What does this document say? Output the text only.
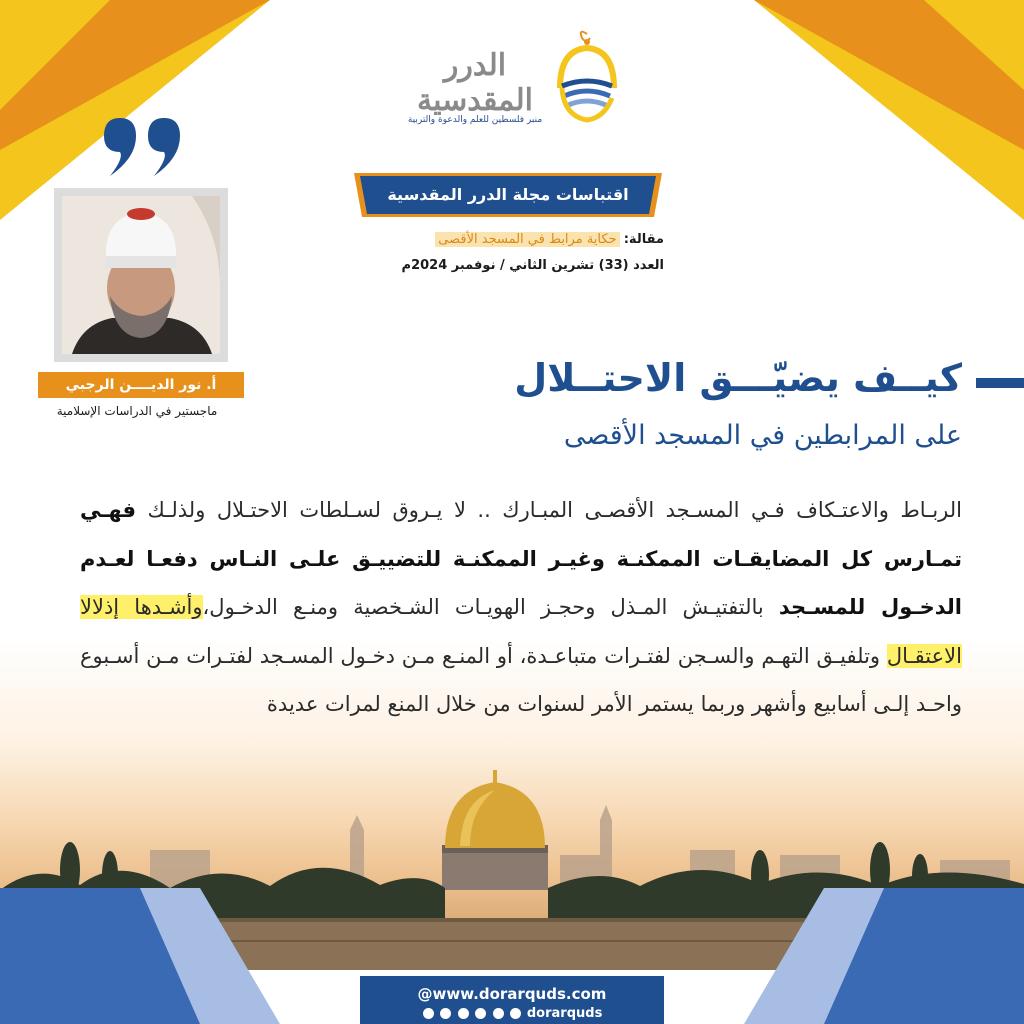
الدرر المقدسية
منبر فلسطين للعلم والدعوة والتربية
اقتباسات مجلة الدرر المقدسية
مقالة: حكاية مرابط في المسجد الأقصى
العدد (33) تشرين الثاني / نوفمبر 2024م
أ. نور الديــــن الرجبي
ماجستير في الدراسات الإسلامية
كيــف يضيّـــق الاحتــلال
على المرابطين في المسجد الأقصى
الربـاط والاعتـكاف فـي المسـجد الأقصـى المبـارك .. لا يـروق لسـلطات الاحتـلال ولذلـك فهـي تمـارس كل المضايقـات الممكنـة وغيـر الممكنـة للتضييـق علـى النـاس دفعـا لعـدم الدخـول للمسـجد بالتفتيـش المـذل وحجـز الهويـات الشـخصية ومنـع الدخـول،وأشـدها إذلالا الاعتقـال وتلفيـق التهـم والسـجن لفتـرات متباعـدة، أو المنـع مـن دخـول المسـجد لفتـرات مـن أسـبوع واحـد إلـى أسابيع وأشهر وربما يستمر الأمر لسنوات من خلال المنع لمرات عديدة
@www.dorarquds.com
dorarquds
